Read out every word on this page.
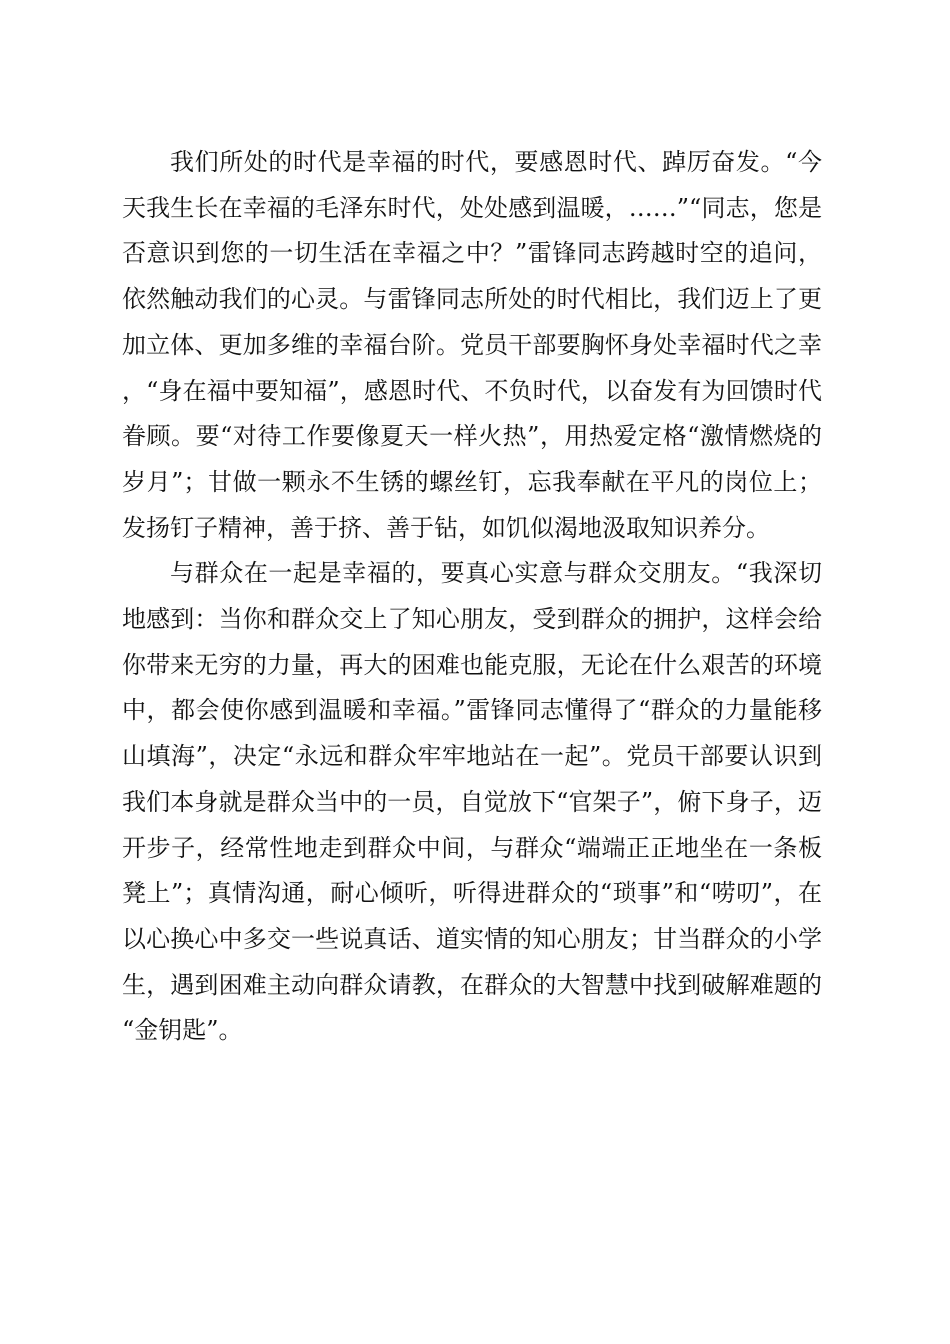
我们所处的时代是幸福的时代，要感恩时代、踔厉奋发。“今天我生长在幸福的毛泽东时代，处处感到温暖，……”“同志，您是否意识到您的一切生活在幸福之中？”雷锋同志跨越时空的追问，依然触动我们的心灵。与雷锋同志所处的时代相比，我们迈上了更加立体、更加多维的幸福台阶。党员干部要胸怀身处幸福时代之幸，“身在福中要知福”，感恩时代、不负时代，以奋发有为回馈时代眷顾。要“对待工作要像夏天一样火热”，用热爱定格“激情燃烧的岁月”；甘做一颗永不生锈的螺丝钉，忘我奉献在平凡的岗位上；发扬钉子精神，善于挤、善于钻，如饥似渴地汲取知识养分。

与群众在一起是幸福的，要真心实意与群众交朋友。“我深切地感到：当你和群众交上了知心朋友，受到群众的拥护，这样会给你带来无穷的力量，再大的困难也能克服，无论在什么艰苦的环境中，都会使你感到温暖和幸福。”雷锋同志懂得了“群众的力量能移山填海”，决定“永远和群众牢牢地站在一起”。党员干部要认识到我们本身就是群众当中的一员，自觉放下“官架子”，俯下身子，迈开步子，经常性地走到群众中间，与群众“端端正正地坐在一条板凳上”；真情沟通，耐心倾听，听得进群众的“琐事”和“唠叨”，在以心换心中多交一些说真话、道实情的知心朋友；甘当群众的小学生，遇到困难主动向群众请教，在群众的大智慧中找到破解难题的“金钥匙”。
